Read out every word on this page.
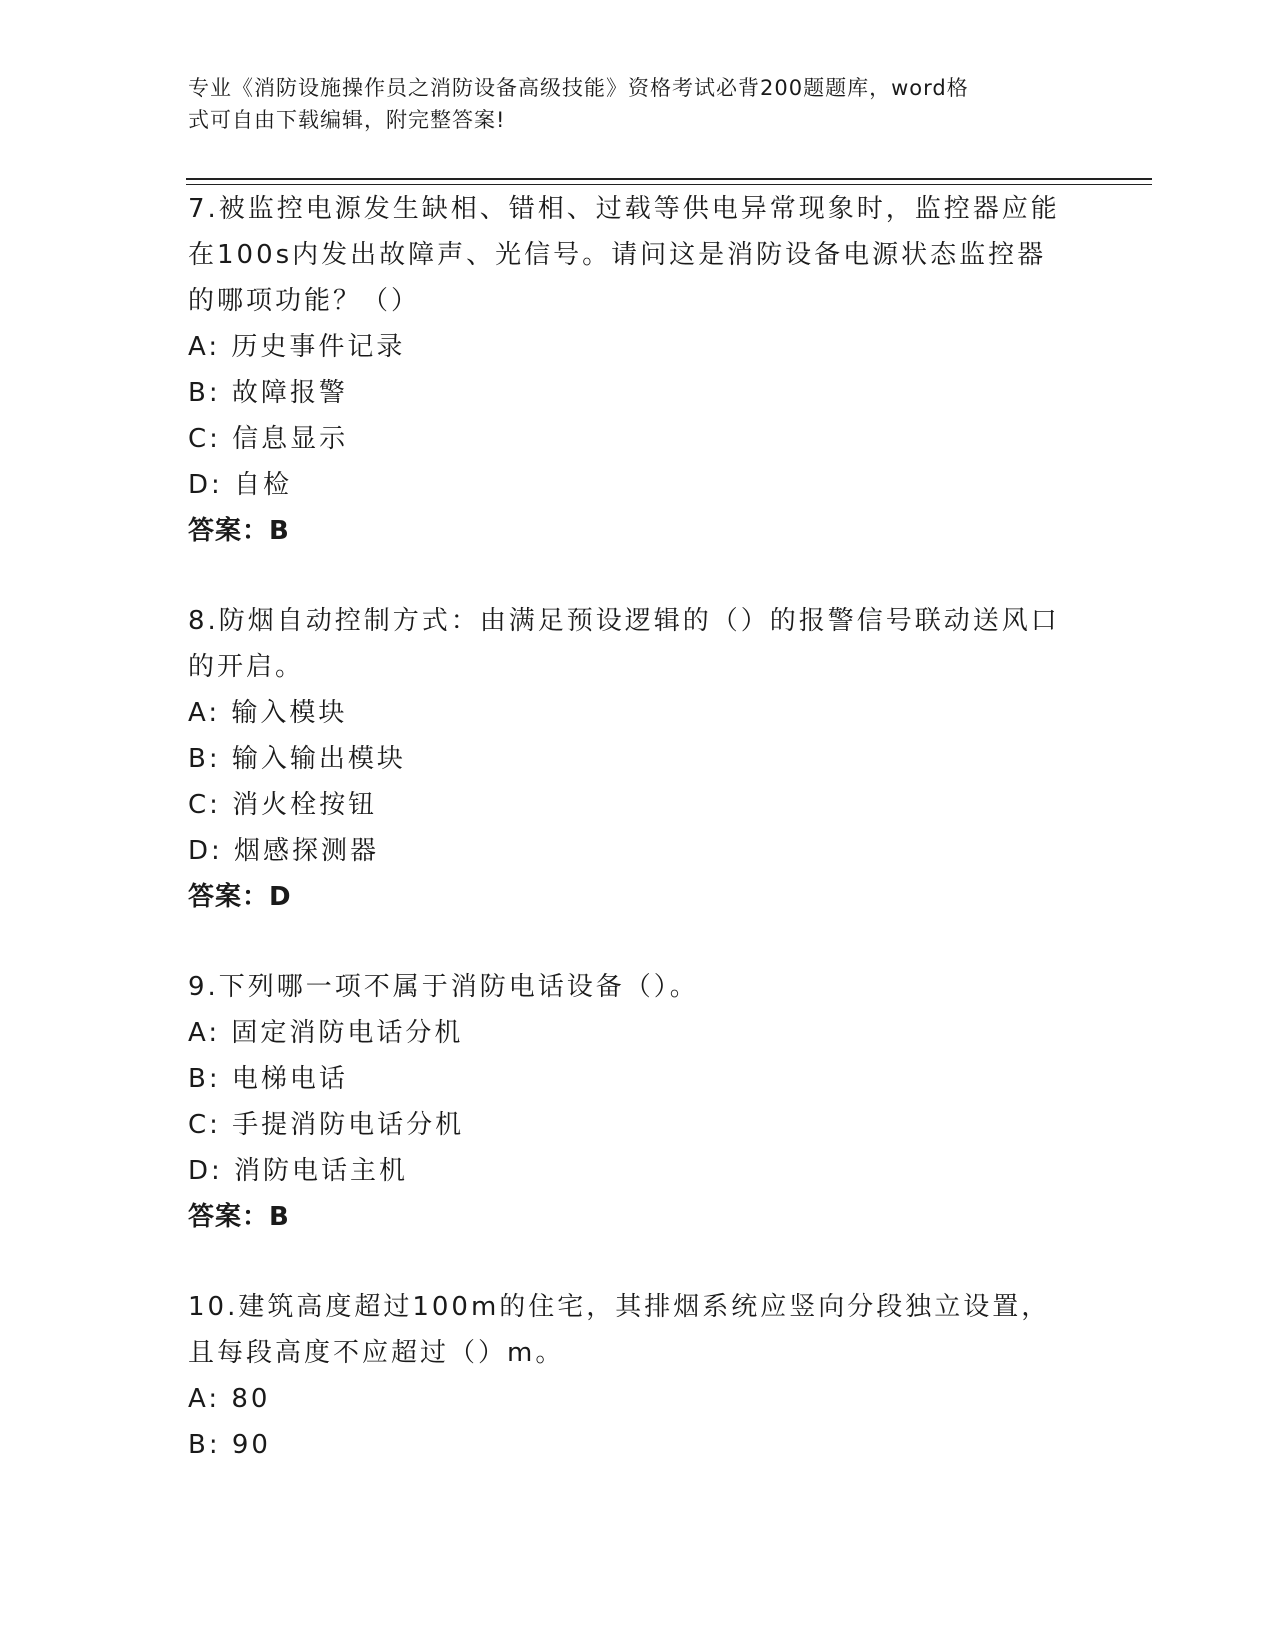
专业《消防设施操作员之消防设备高级技能》资格考试必背200题题库，word格
式可自由下载编辑，附完整答案!
7.被监控电源发生缺相、错相、过载等供电异常现象时，监控器应能在100s内发出故障声、光信号。请问这是消防设备电源状态监控器的哪项功能？（）
A: 历史事件记录
B: 故障报警
C: 信息显示
D: 自检
答案：B
8.防烟自动控制方式：由满足预设逻辑的（）的报警信号联动送风口的开启。
A: 输入模块
B: 输入输出模块
C: 消火栓按钮
D: 烟感探测器
答案：D
9.下列哪一项不属于消防电话设备（）。
A: 固定消防电话分机
B: 电梯电话
C: 手提消防电话分机
D: 消防电话主机
答案：B
10.建筑高度超过100m的住宅，其排烟系统应竖向分段独立设置，且每段高度不应超过（）m。
A: 80
B: 90
